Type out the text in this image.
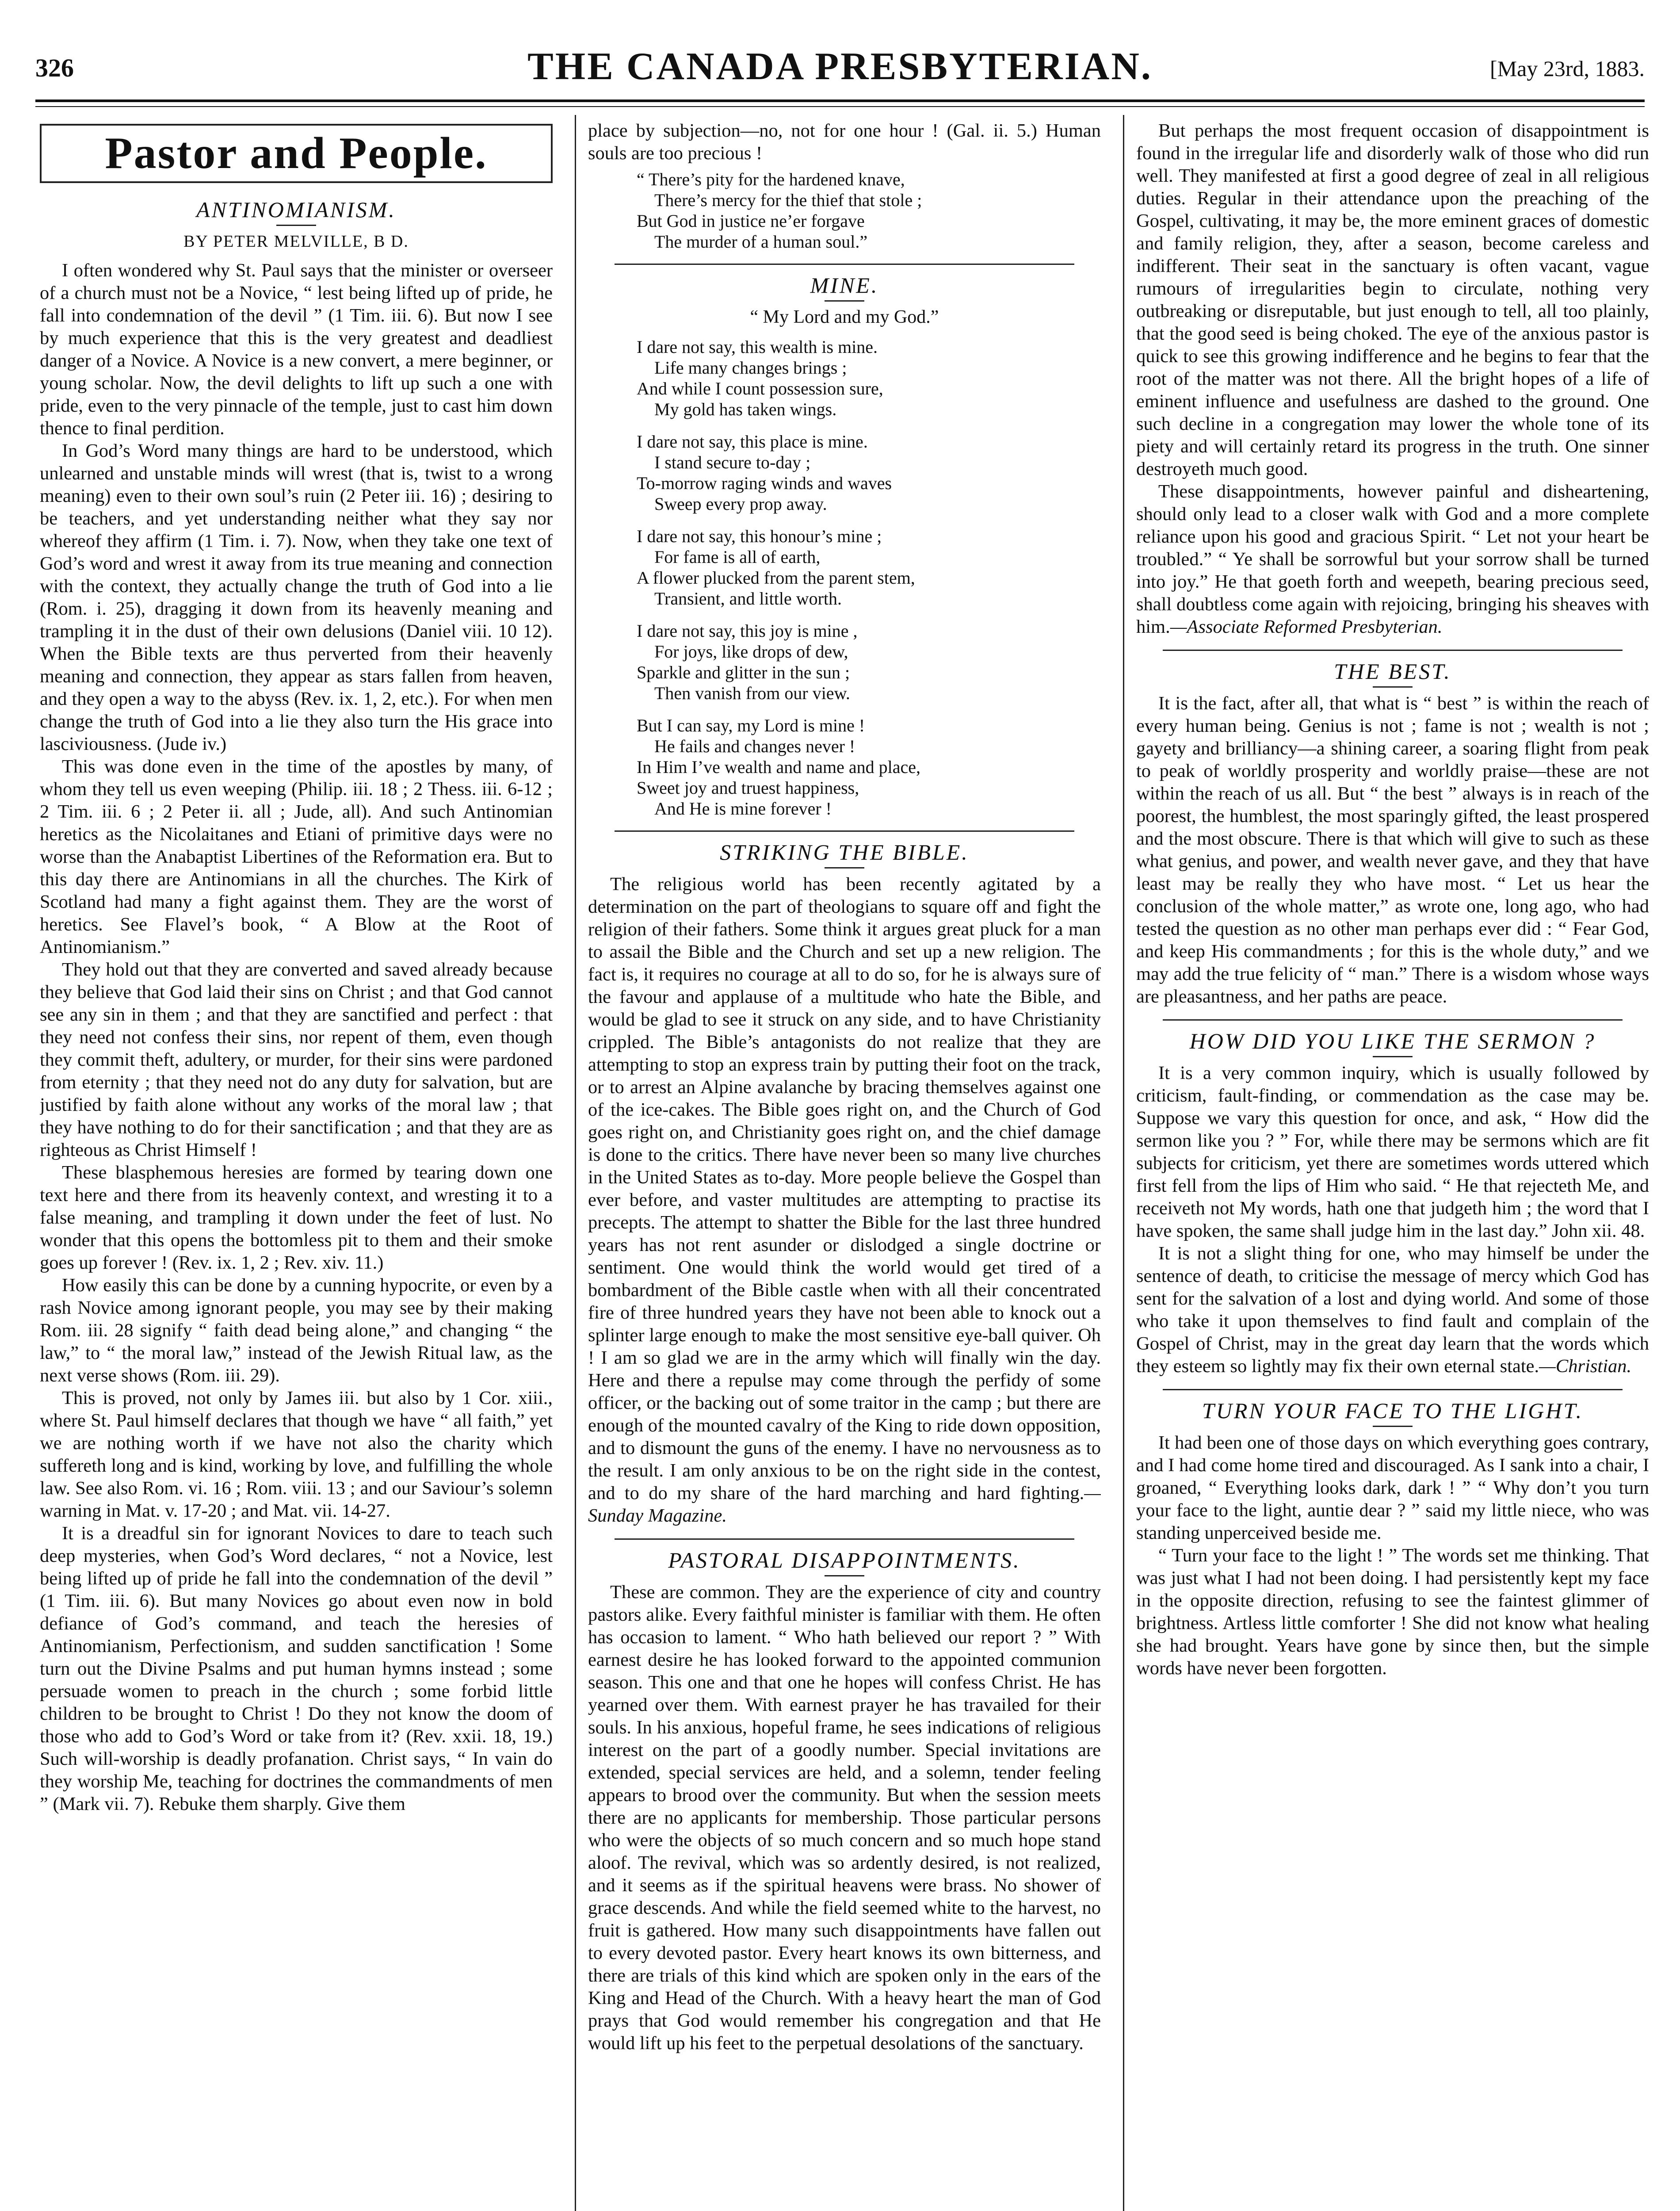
326	THE CANADA PRESBYTERIAN.	[May 23rd, 1883.
Pastor and People.
ANTINOMIANISM.
BY PETER MELVILLE, B D.

I often wondered why St. Paul says that the minister or overseer of a church must not be a Novice, “ lest being lifted up of pride, he fall into condemnation of the devil ” (1 Tim. iii. 6). But now I see by much experience that this is the very greatest and deadliest danger of a Novice. A Novice is a new convert, a mere beginner, or young scholar. Now, the devil delights to lift up such a one with pride, even to the very pinnacle of the temple, just to cast him down thence to final perdition.

In God’s Word many things are hard to be understood, which unlearned and unstable minds will wrest (that is, twist to a wrong meaning) even to their own soul’s ruin (2 Peter iii. 16) ; desiring to be teachers, and yet understanding neither what they say nor whereof they affirm (1 Tim. i. 7). Now, when they take one text of God’s word and wrest it away from its true meaning and connection with the context, they actually change the truth of God into a lie (Rom. i. 25), dragging it down from its heavenly meaning and trampling it in the dust of their own delusions (Daniel viii. 10 12). When the Bible texts are thus perverted from their heavenly meaning and connection, they appear as stars fallen from heaven, and they open a way to the abyss (Rev. ix. 1, 2, etc.). For when men change the truth of God into a lie they also turn the His grace into lasciviousness. (Jude iv.)

This was done even in the time of the apostles by many, of whom they tell us even weeping (Philip. iii. 18 ; 2 Thess. iii. 6-12 ; 2 Tim. iii. 6 ; 2 Peter ii. all ; Jude, all). And such Antinomian heretics as the Nicolaitanes and Etiani of primitive days were no worse than the Anabaptist Libertines of the Reformation era. But to this day there are Antinomians in all the churches. The Kirk of Scotland had many a fight against them. They are the worst of heretics. See Flavel’s book, “ A Blow at the Root of Antinomianism.”

They hold out that they are converted and saved already because they believe that God laid their sins on Christ ; and that God cannot see any sin in them ; and that they are sanctified and perfect : that they need not confess their sins, nor repent of them, even though they commit theft, adultery, or murder, for their sins were pardoned from eternity ; that they need not do any duty for salvation, but are justified by faith alone without any works of the moral law ; that they have nothing to do for their sanctification ; and that they are as righteous as Christ Himself !

These blasphemous heresies are formed by tearing down one text here and there from its heavenly context, and wresting it to a false meaning, and trampling it down under the feet of lust. No wonder that this opens the bottomless pit to them and their smoke goes up forever ! (Rev. ix. 1, 2 ; Rev. xiv. 11.)

How easily this can be done by a cunning hypocrite, or even by a rash Novice among ignorant people, you may see by their making Rom. iii. 28 signify “ faith dead being alone,” and changing “ the law,” to “ the moral law,” instead of the Jewish Ritual law, as the next verse shows (Rom. iii. 29).

This is proved, not only by James iii. but also by 1 Cor. xiii., where St. Paul himself declares that though we have “ all faith,” yet we are nothing worth if we have not also the charity which suffereth long and is kind, working by love, and fulfilling the whole law. See also Rom. vi. 16 ; Rom. viii. 13 ; and our Saviour’s solemn warning in Mat. v. 17-20 ; and Mat. vii. 14-27.

It is a dreadful sin for ignorant Novices to dare to teach such deep mysteries, when God’s Word declares, “ not a Novice, lest being lifted up of pride he fall into the condemnation of the devil ” (1 Tim. iii. 6). But many Novices go about even now in bold defiance of God’s command, and teach the heresies of Antinomianism, Perfectionism, and sudden sanctification ! Some turn out the Divine Psalms and put human hymns instead ; some persuade women to preach in the church ; some forbid little children to be brought to Christ ! Do they not know the doom of those who add to God’s Word or take from it? (Rev. xxii. 18, 19.) Such will-worship is deadly profanation. Christ says, “ In vain do they worship Me, teaching for doctrines the commandments of men ” (Mark vii. 7). Rebuke them sharply. Give them

place by subjection—no, not for one hour ! (Gal. ii. 5.) Human souls are too precious !

“ There’s pity for the hardened knave,
There’s mercy for the thief that stole ;
But God in justice ne’er forgave
The murder of a human soul.”
MINE.
“ My Lord and my God.”
I dare not say, this wealth is mine.
Life many changes brings ;
And while I count possession sure,
My gold has taken wings.
I dare not say, this place is mine.
I stand secure to-day ;
To-morrow raging winds and waves
Sweep every prop away.
I dare not say, this honour’s mine ;
For fame is all of earth,
A flower plucked from the parent stem,
Transient, and little worth.
I dare not say, this joy is mine ,
For joys, like drops of dew,
Sparkle and glitter in the sun ;
Then vanish from our view.
But I can say, my Lord is mine !
He fails and changes never !
In Him I’ve wealth and name and place,
Sweet joy and truest happiness,
And He is mine forever !
STRIKING THE BIBLE.

The religious world has been recently agitated by a determination on the part of theologians to square off and fight the religion of their fathers. Some think it argues great pluck for a man to assail the Bible and the Church and set up a new religion. The fact is, it requires no courage at all to do so, for he is always sure of the favour and applause of a multitude who hate the Bible, and would be glad to see it struck on any side, and to have Christianity crippled. The Bible’s antagonists do not realize that they are attempting to stop an express train by putting their foot on the track, or to arrest an Alpine avalanche by bracing themselves against one of the ice-cakes. The Bible goes right on, and the Church of God goes right on, and Christianity goes right on, and the chief damage is done to the critics. There have never been so many live churches in the United States as to-day. More people believe the Gospel than ever before, and vaster multitudes are attempting to practise its precepts. The attempt to shatter the Bible for the last three hundred years has not rent asunder or dislodged a single doctrine or sentiment. One would think the world would get tired of a bombardment of the Bible castle when with all their concentrated fire of three hundred years they have not been able to knock out a splinter large enough to make the most sensitive eye-ball quiver. Oh ! I am so glad we are in the army which will finally win the day. Here and there a repulse may come through the perfidy of some officer, or the backing out of some traitor in the camp ; but there are enough of the mounted cavalry of the King to ride down opposition, and to dismount the guns of the enemy. I have no nervousness as to the result. I am only anxious to be on the right side in the contest, and to do my share of the hard marching and hard fighting.—Sunday Magazine.

PASTORAL DISAPPOINTMENTS.

These are common. They are the experience of city and country pastors alike. Every faithful minister is familiar with them. He often has occasion to lament. “ Who hath believed our report ? ” With earnest desire he has looked forward to the appointed communion season. This one and that one he hopes will confess Christ. He has yearned over them. With earnest prayer he has travailed for their souls. In his anxious, hopeful frame, he sees indications of religious interest on the part of a goodly number. Special invitations are extended, special services are held, and a solemn, tender feeling appears to brood over the community. But when the session meets there are no applicants for membership. Those particular persons who were the objects of so much concern and so much hope stand aloof. The revival, which was so ardently desired, is not realized, and it seems as if the spiritual heavens were brass. No shower of grace descends. And while the field seemed white to the harvest, no fruit is gathered. How many such disappointments have fallen out to every devoted pastor. Every heart knows its own bitterness, and there are trials of this kind which are spoken only in the ears of the King and Head of the Church. With a heavy heart the man of God prays that God would remember his congregation and that He would lift up his feet to the perpetual desolations of the sanctuary.

But perhaps the most frequent occasion of disappointment is found in the irregular life and disorderly walk of those who did run well. They manifested at first a good degree of zeal in all religious duties. Regular in their attendance upon the preaching of the Gospel, cultivating, it may be, the more eminent graces of domestic and family religion, they, after a season, become careless and indifferent. Their seat in the sanctuary is often vacant, vague rumours of irregularities begin to circulate, nothing very outbreaking or disreputable, but just enough to tell, all too plainly, that the good seed is being choked. The eye of the anxious pastor is quick to see this growing indifference and he begins to fear that the root of the matter was not there. All the bright hopes of a life of eminent influence and usefulness are dashed to the ground. One such decline in a congregation may lower the whole tone of its piety and will certainly retard its progress in the truth. One sinner destroyeth much good.

These disappointments, however painful and disheartening, should only lead to a closer walk with God and a more complete reliance upon his good and gracious Spirit. “ Let not your heart be troubled.” “ Ye shall be sorrowful but your sorrow shall be turned into joy.” He that goeth forth and weepeth, bearing precious seed, shall doubtless come again with rejoicing, bringing his sheaves with him.—Associate Reformed Presbyterian.

THE BEST.

It is the fact, after all, that what is “ best ” is within the reach of every human being. Genius is not ; fame is not ; wealth is not ; gayety and brilliancy—a shining career, a soaring flight from peak to peak of worldly prosperity and worldly praise—these are not within the reach of us all. But “ the best ” always is in reach of the poorest, the humblest, the most sparingly gifted, the least prospered and the most obscure. There is that which will give to such as these what genius, and power, and wealth never gave, and they that have least may be really they who have most. “ Let us hear the conclusion of the whole matter,” as wrote one, long ago, who had tested the question as no other man perhaps ever did : “ Fear God, and keep His commandments ; for this is the whole duty,” and we may add the true felicity of “ man.” There is a wisdom whose ways are pleasantness, and her paths are peace.

HOW DID YOU LIKE THE SERMON ?

It is a very common inquiry, which is usually followed by criticism, fault-finding, or commendation as the case may be. Suppose we vary this question for once, and ask, “ How did the sermon like you ? ” For, while there may be sermons which are fit subjects for criticism, yet there are sometimes words uttered which first fell from the lips of Him who said. “ He that rejecteth Me, and receiveth not My words, hath one that judgeth him ; the word that I have spoken, the same shall judge him in the last day.” John xii. 48.

It is not a slight thing for one, who may himself be under the sentence of death, to criticise the message of mercy which God has sent for the salvation of a lost and dying world. And some of those who take it upon themselves to find fault and complain of the Gospel of Christ, may in the great day learn that the words which they esteem so lightly may fix their own eternal state.—Christian.

TURN YOUR FACE TO THE LIGHT.

It had been one of those days on which everything goes contrary, and I had come home tired and discouraged. As I sank into a chair, I groaned, “ Everything looks dark, dark ! ” “ Why don’t you turn your face to the light, auntie dear ? ” said my little niece, who was standing unperceived beside me.

“ Turn your face to the light ! ” The words set me thinking. That was just what I had not been doing. I had persistently kept my face in the opposite direction, refusing to see the faintest glimmer of brightness. Artless little comforter ! She did not know what healing she had brought. Years have gone by since then, but the simple words have never been forgotten.
